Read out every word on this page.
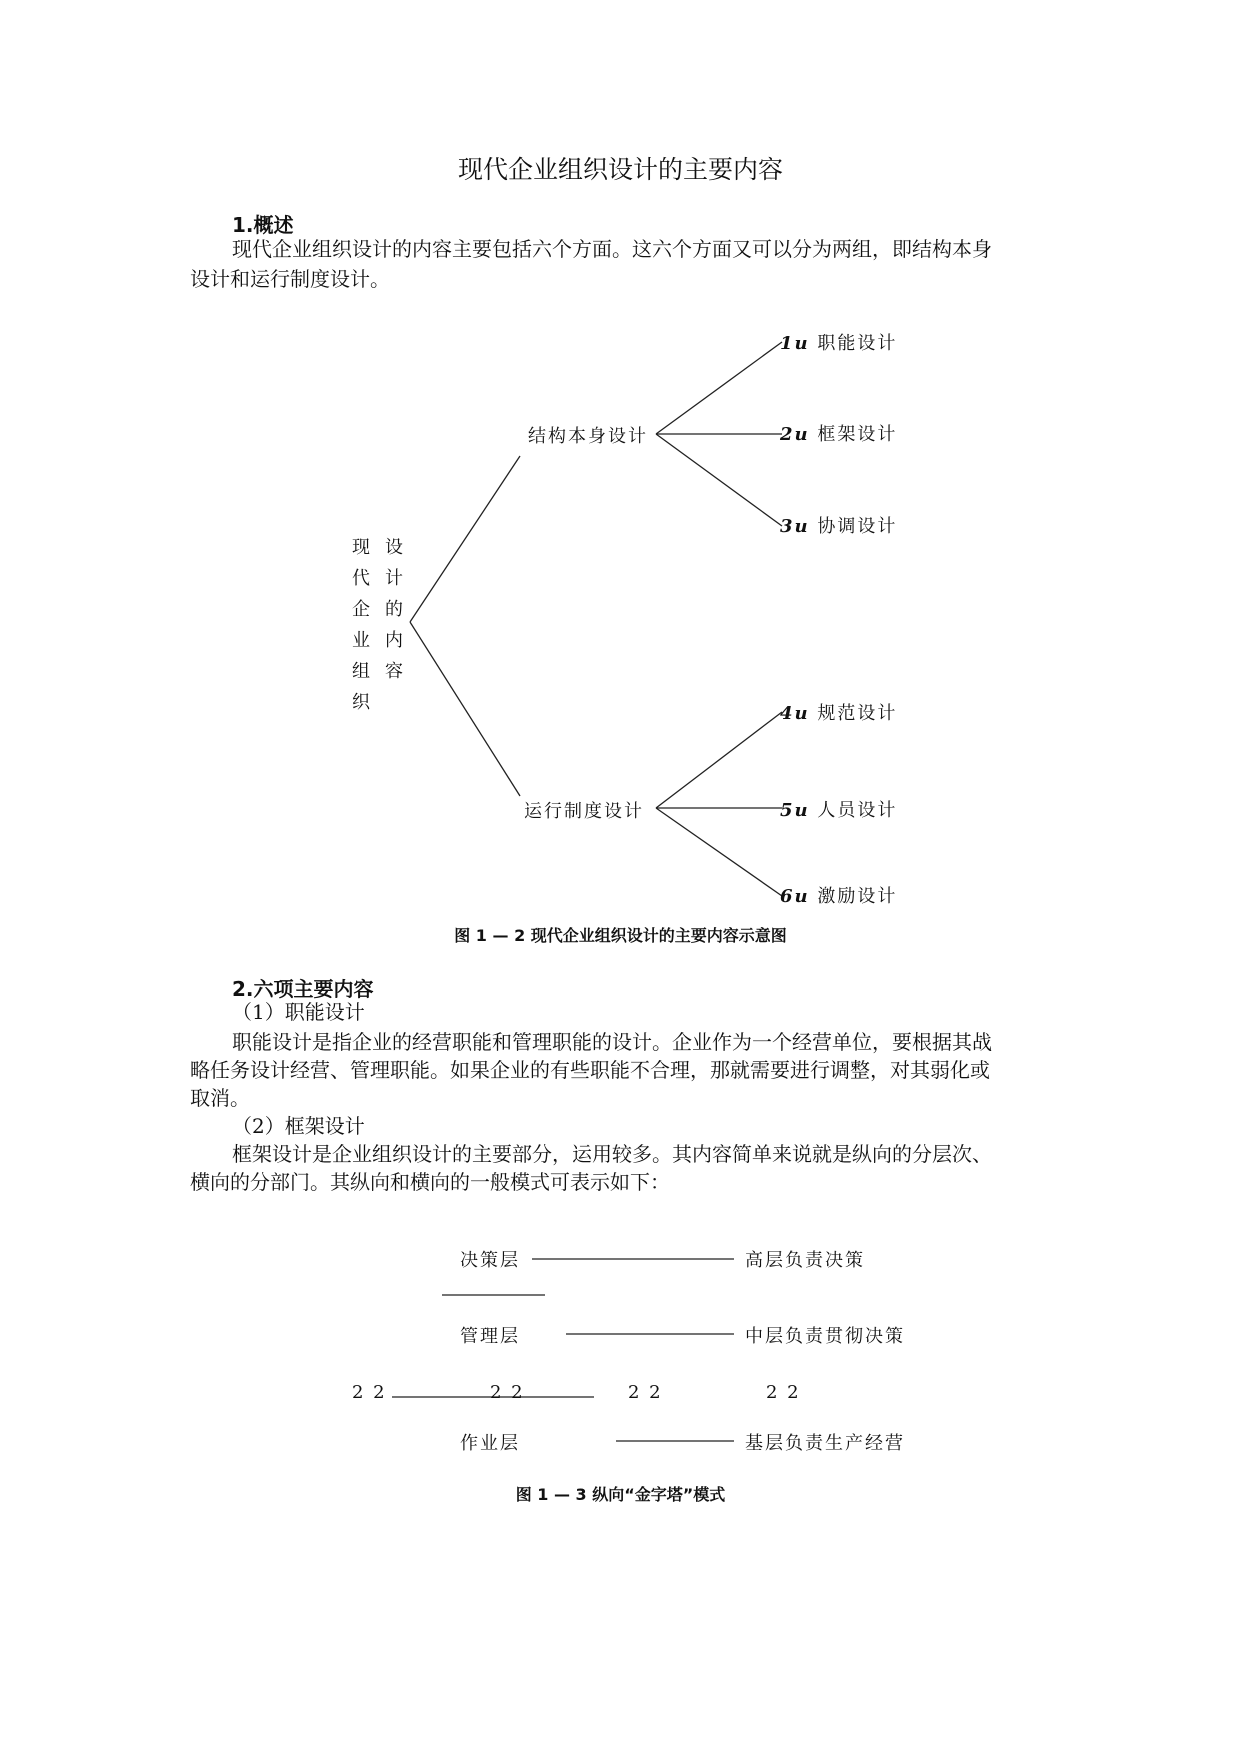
现代企业组织设计的主要内容
1.概述
现代企业组织设计的内容主要包括六个方面。这六个方面又可以分为两组，即结构本身
设计和运行制度设计。
现代企业组织
设计的内容
结构本身设计
运行制度设计
1u 职能设计
2u 框架设计
3u 协调设计
4u 规范设计
5u 人员设计
6u 激励设计
图 1 — 2 现代企业组织设计的主要内容示意图
2.六项主要内容
（1）职能设计
职能设计是指企业的经营职能和管理职能的设计。企业作为一个经营单位，要根据其战
略任务设计经营、管理职能。如果企业的有些职能不合理，那就需要进行调整，对其弱化或
取消。
（2）框架设计
框架设计是企业组织设计的主要部分，运用较多。其内容简单来说就是纵向的分层次、
横向的分部门。其纵向和横向的一般模式可表示如下：
决策层	高层负责决策
管理层	中层负责贯彻决策
2 2	2 2	2 2	2 2
作业层	基层负责生产经营
图 1 — 3 纵向“金字塔”模式
